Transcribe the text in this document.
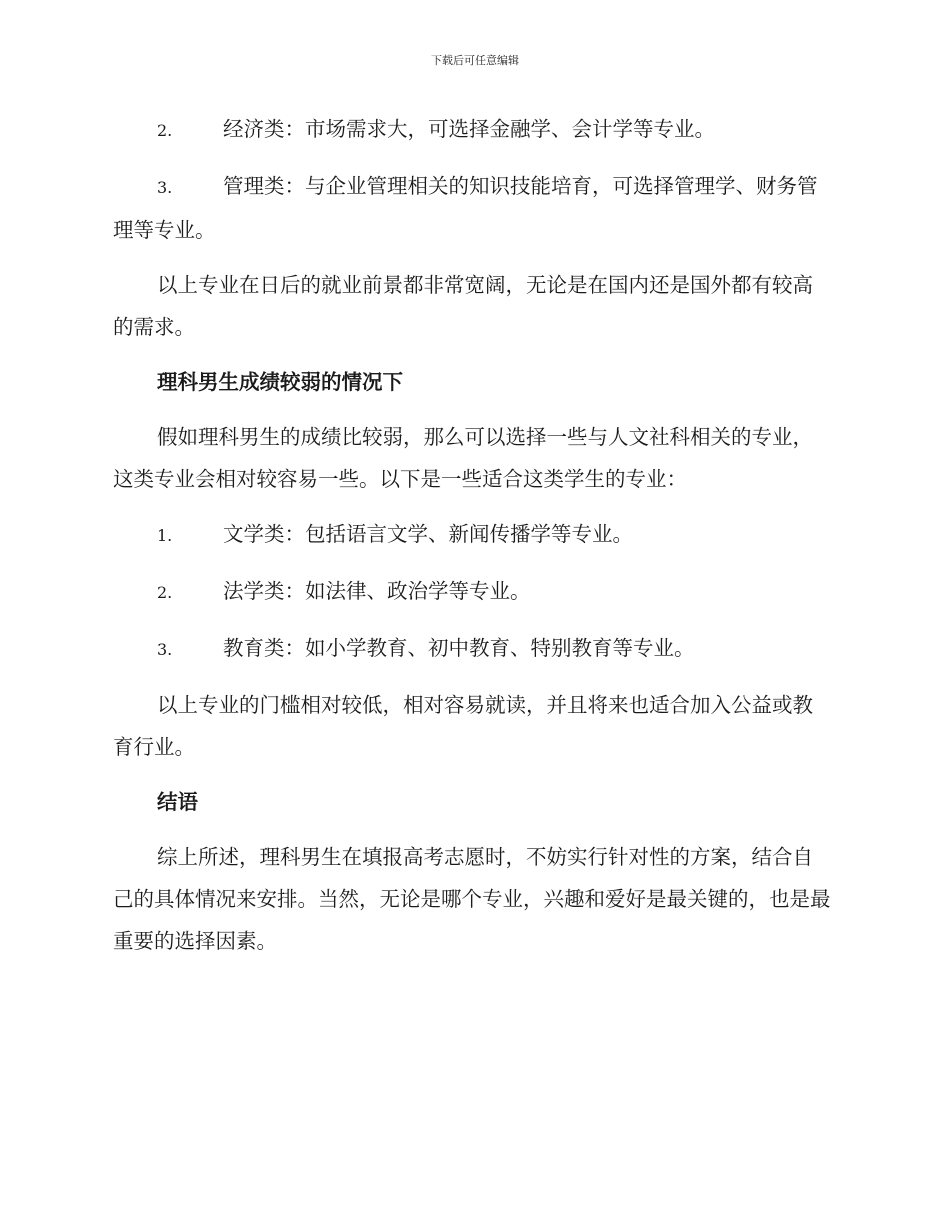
下载后可任意编辑
2.	经济类：市场需求大，可选择金融学、会计学等专业。
3. 管理类：与企业管理相关的知识技能培育，可选择管理学、财务管理等专业。

以上专业在日后的就业前景都非常宽阔，无论是在国内还是国外都有较高的需求。

理科男生成绩较弱的情况下

假如理科男生的成绩比较弱，那么可以选择一些与人文社科相关的专业，这类专业会相对较容易一些。以下是一些适合这类学生的专业：

1.	文学类：包括语言文学、新闻传播学等专业。
2.	法学类：如法律、政治学等专业。
3.	教育类：如小学教育、初中教育、特别教育等专业。

以上专业的门槛相对较低，相对容易就读，并且将来也适合加入公益或教育行业。

结语

综上所述，理科男生在填报高考志愿时，不妨实行针对性的方案，结合自己的具体情况来安排。当然，无论是哪个专业，兴趣和爱好是最关键的，也是最重要的选择因素。
